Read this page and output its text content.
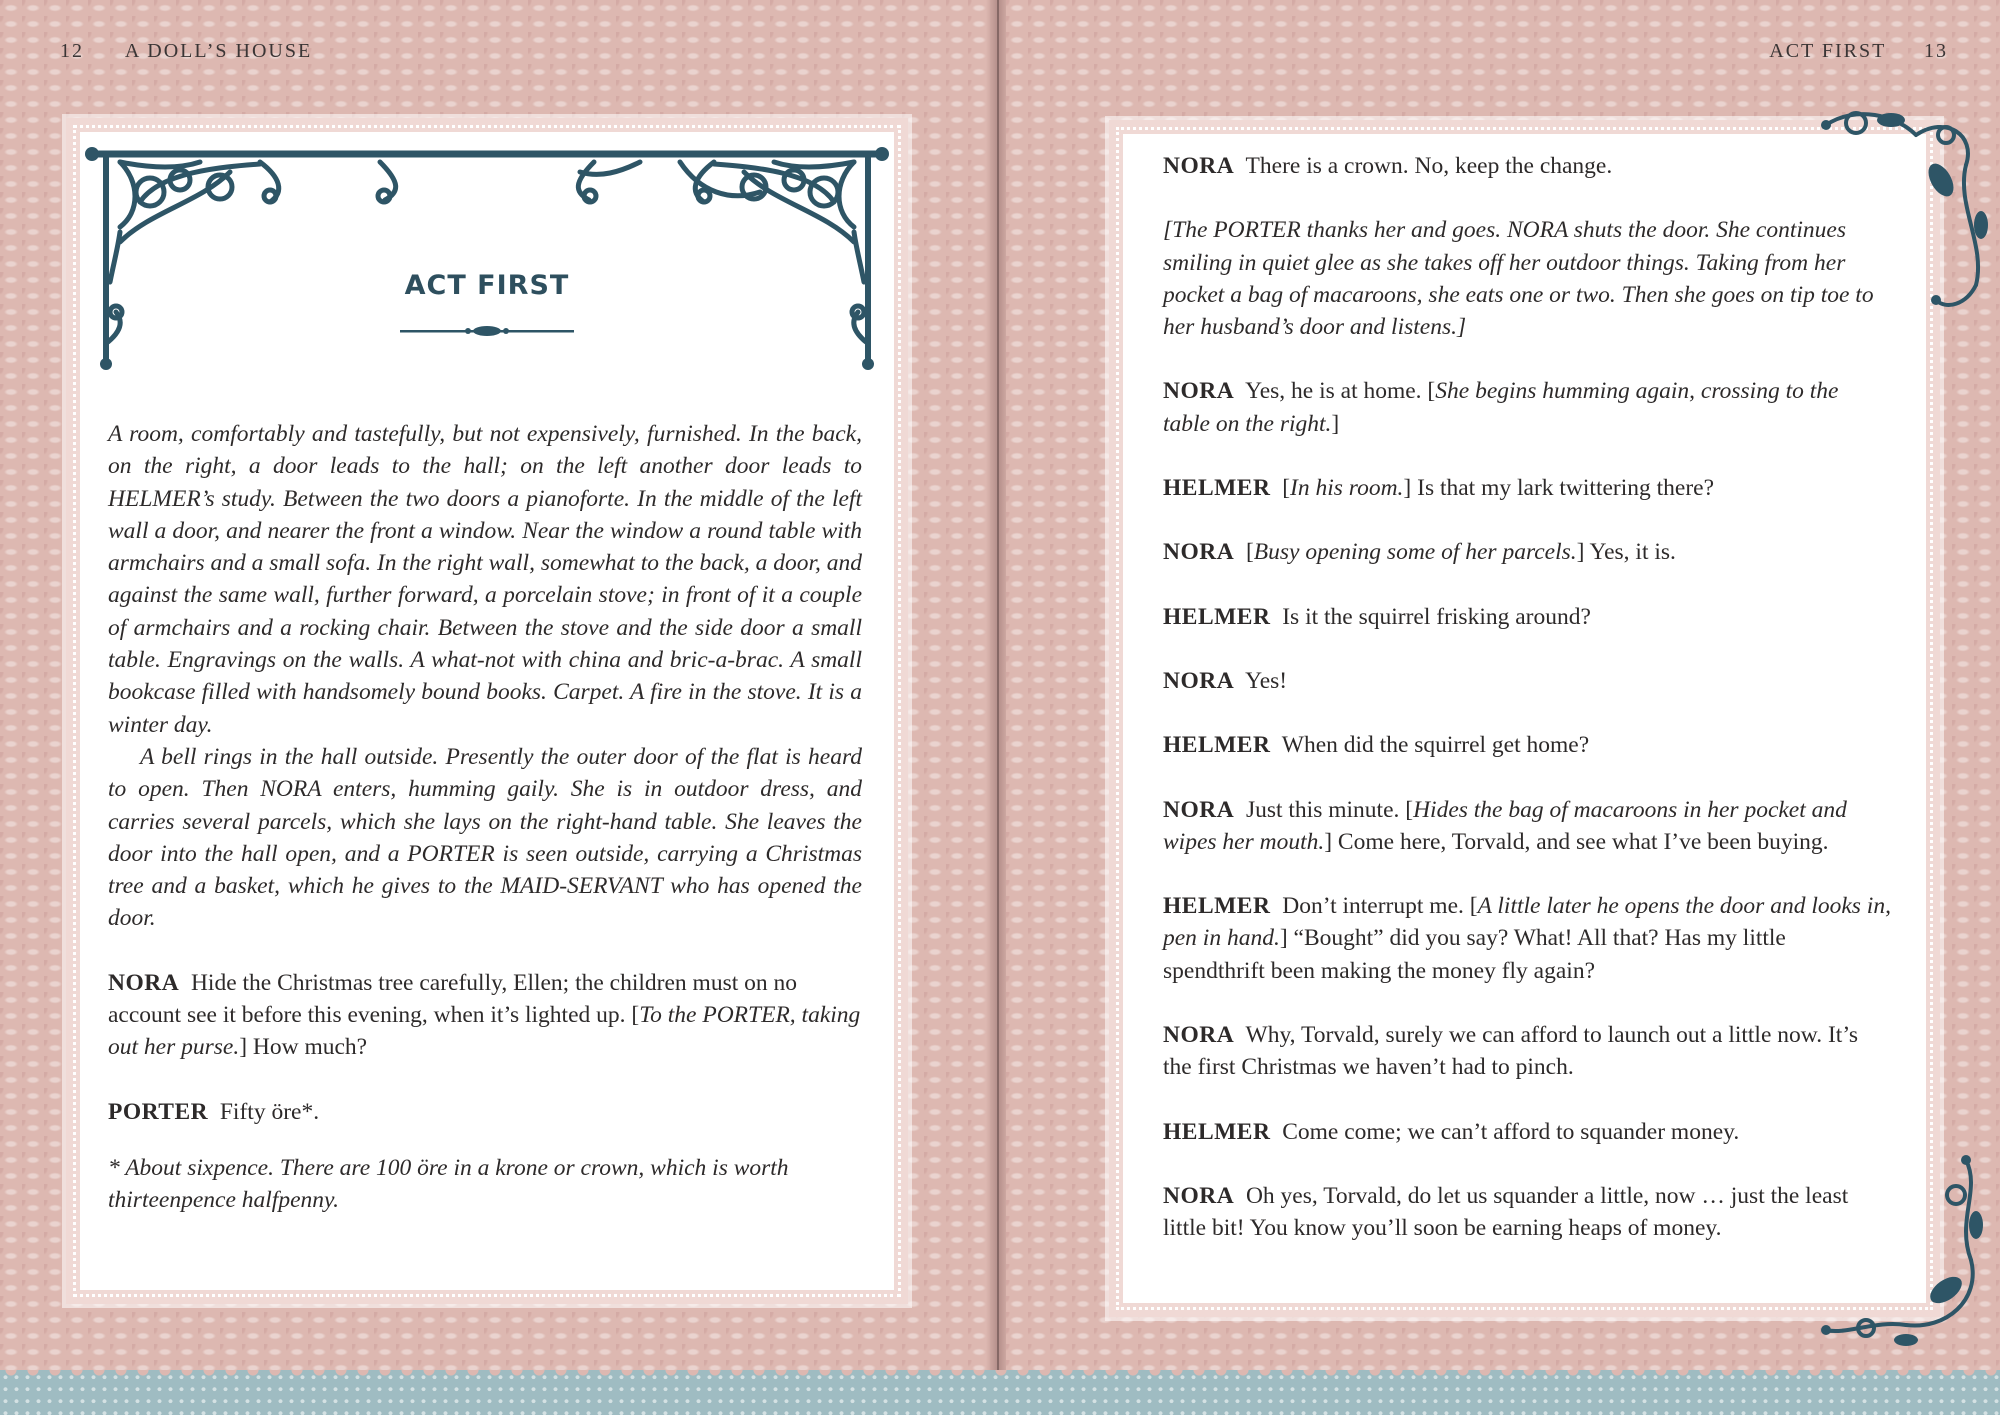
12 A DOLL’S HOUSE
ACT FIRST

A room, comfortably and tastefully, but not expensively, furnished. In the back, on the right, a door leads to the hall; on the left another door leads to HELMER’s study. Between the two doors a pianoforte. In the middle of the left wall a door, and nearer the front a window. Near the window a round table with armchairs and a small sofa. In the right wall, somewhat to the back, a door, and against the same wall, further forward, a porcelain stove; in front of it a couple of armchairs and a rocking chair. Between the stove and the side door a small table. Engravings on the walls. A what-not with china and bric-a-brac. A small bookcase filled with handsomely bound books. Carpet. A fire in the stove. It is a winter day.

A bell rings in the hall outside. Presently the outer door of the flat is heard to open. Then NORA enters, humming gaily. She is in outdoor dress, and carries several parcels, which she lays on the right-hand table. She leaves the door into the hall open, and a PORTER is seen outside, carrying a Christmas tree and a basket, which he gives to the MAID-SERVANT who has opened the door.

NORA Hide the Christmas tree carefully, Ellen; the children must on no account see it before this evening, when it’s lighted up. [To the PORTER, taking out her purse.] How much?

PORTER Fifty öre*.

* About sixpence. There are 100 öre in a krone or crown, which is worth thirteenpence halfpenny.

ACT FIRST 13

NORA There is a crown. No, keep the change.

[The PORTER thanks her and goes. NORA shuts the door. She continues smiling in quiet glee as she takes off her outdoor things. Taking from her pocket a bag of macaroons, she eats one or two. Then she goes on tip toe to her husband’s door and listens.]

NORA Yes, he is at home. [She begins humming again, crossing to the table on the right.]

HELMER [In his room.] Is that my lark twittering there?

NORA [Busy opening some of her parcels.] Yes, it is.

HELMER Is it the squirrel frisking around?

NORA Yes!

HELMER When did the squirrel get home?

NORA Just this minute. [Hides the bag of macaroons in her pocket and wipes her mouth.] Come here, Torvald, and see what I’ve been buying.

HELMER Don’t interrupt me. [A little later he opens the door and looks in, pen in hand.] “Bought” did you say? What! All that? Has my little spendthrift been making the money fly again?

NORA Why, Torvald, surely we can afford to launch out a little now. It’s the first Christmas we haven’t had to pinch.

HELMER Come come; we can’t afford to squander money.

NORA Oh yes, Torvald, do let us squander a little, now … just the least little bit! You know you’ll soon be earning heaps of money.
